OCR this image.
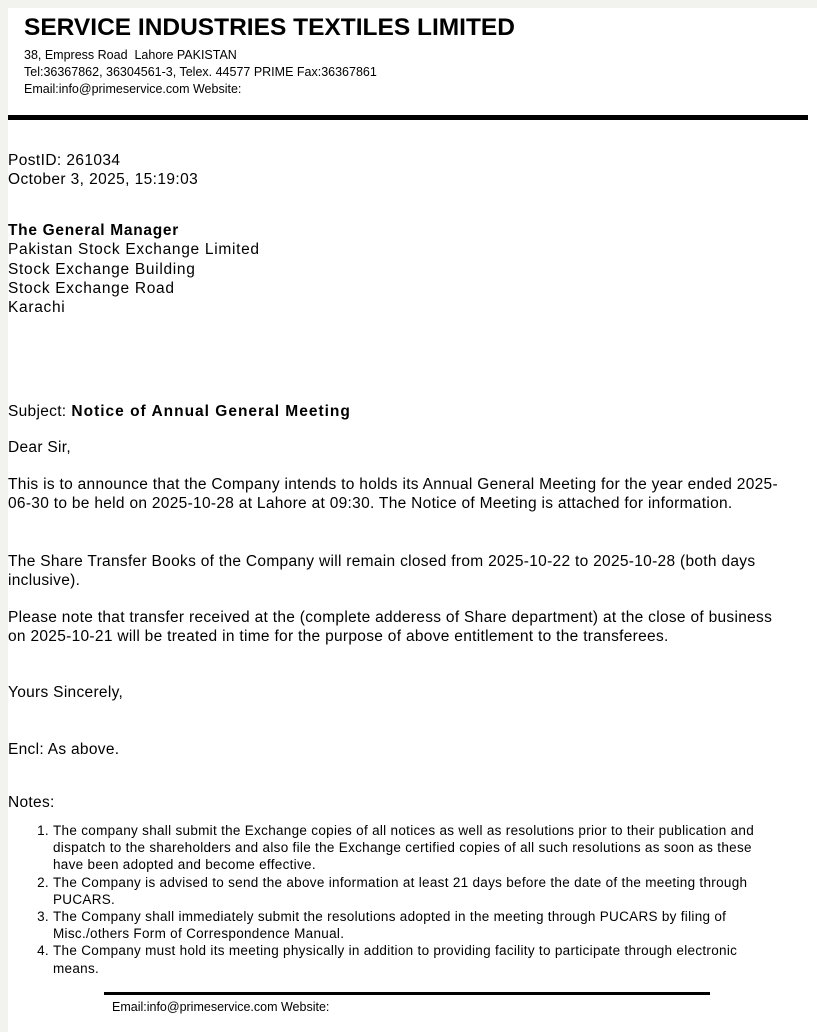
SERVICE INDUSTRIES TEXTILES LIMITED
38, Empress Road  Lahore PAKISTAN
Tel:36367862, 36304561-3, Telex. 44577 PRIME Fax:36367861
Email:info@primeservice.com Website:
PostID: 261034
October 3, 2025, 15:19:03
The General Manager
Pakistan Stock Exchange Limited
Stock Exchange Building
Stock Exchange Road
Karachi
Subject: Notice of Annual General Meeting
Dear Sir,

This is to announce that the Company intends to holds its Annual General Meeting for the year ended 2025-06-30 to be held on 2025-10-28 at Lahore at 09:30. The Notice of Meeting is attached for information.

The Share Transfer Books of the Company will remain closed from 2025-10-22 to 2025-10-28 (both days inclusive).

Please note that transfer received at the (complete adderess of Share department) at the close of business on 2025-10-21 will be treated in time for the purpose of above entitlement to the transferees.

Yours Sincerely,
Encl: As above.
Notes:
1. The company shall submit the Exchange copies of all notices as well as resolutions prior to their publication and dispatch to the shareholders and also file the Exchange certified copies of all such resolutions as soon as these have been adopted and become effective.
2. The Company is advised to send the above information at least 21 days before the date of the meeting through PUCARS.
3. The Company shall immediately submit the resolutions adopted in the meeting through PUCARS by filing of Misc./others Form of Correspondence Manual.
4. The Company must hold its meeting physically in addition to providing facility to participate through electronic means.
Email:info@primeservice.com Website:
